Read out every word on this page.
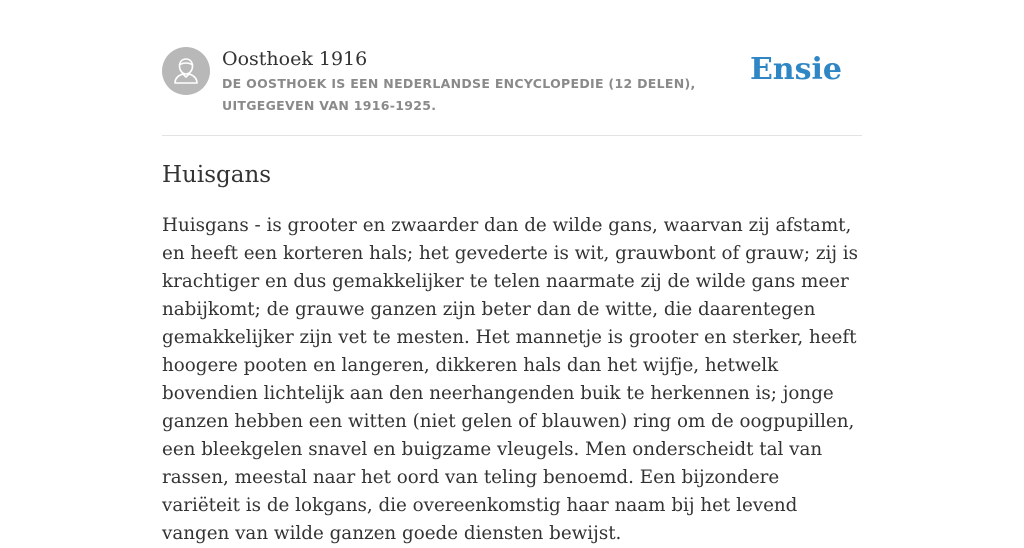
Oosthoek 1916
DE OOSTHOEK IS EEN NEDERLANDSE ENCYCLOPEDIE (12 DELEN), UITGEGEVEN VAN 1916-1925.
Ensie
Huisgans

Huisgans - is grooter en zwaarder dan de wilde gans, waarvan zij afstamt, en heeft een korteren hals; het gevederte is wit, grauwbont of grauw; zij is krachtiger en dus gemakkelijker te telen naarmate zij de wilde gans meer nabijkomt; de grauwe ganzen zijn beter dan de witte, die daarentegen gemakkelijker zijn vet te mesten. Het mannetje is grooter en sterker, heeft hoogere pooten en langeren, dikkeren hals dan het wijfje, hetwelk bovendien lichtelijk aan den neerhangenden buik te herkennen is; jonge ganzen hebben een witten (niet gelen of blauwen) ring om de oogpupillen, een bleekgelen snavel en buigzame vleugels. Men onderscheidt tal van rassen, meestal naar het oord van teling benoemd. Een bijzondere variëteit is de lokgans, die overeenkomstig haar naam bij het levend vangen van wilde ganzen goede diensten bewijst.
